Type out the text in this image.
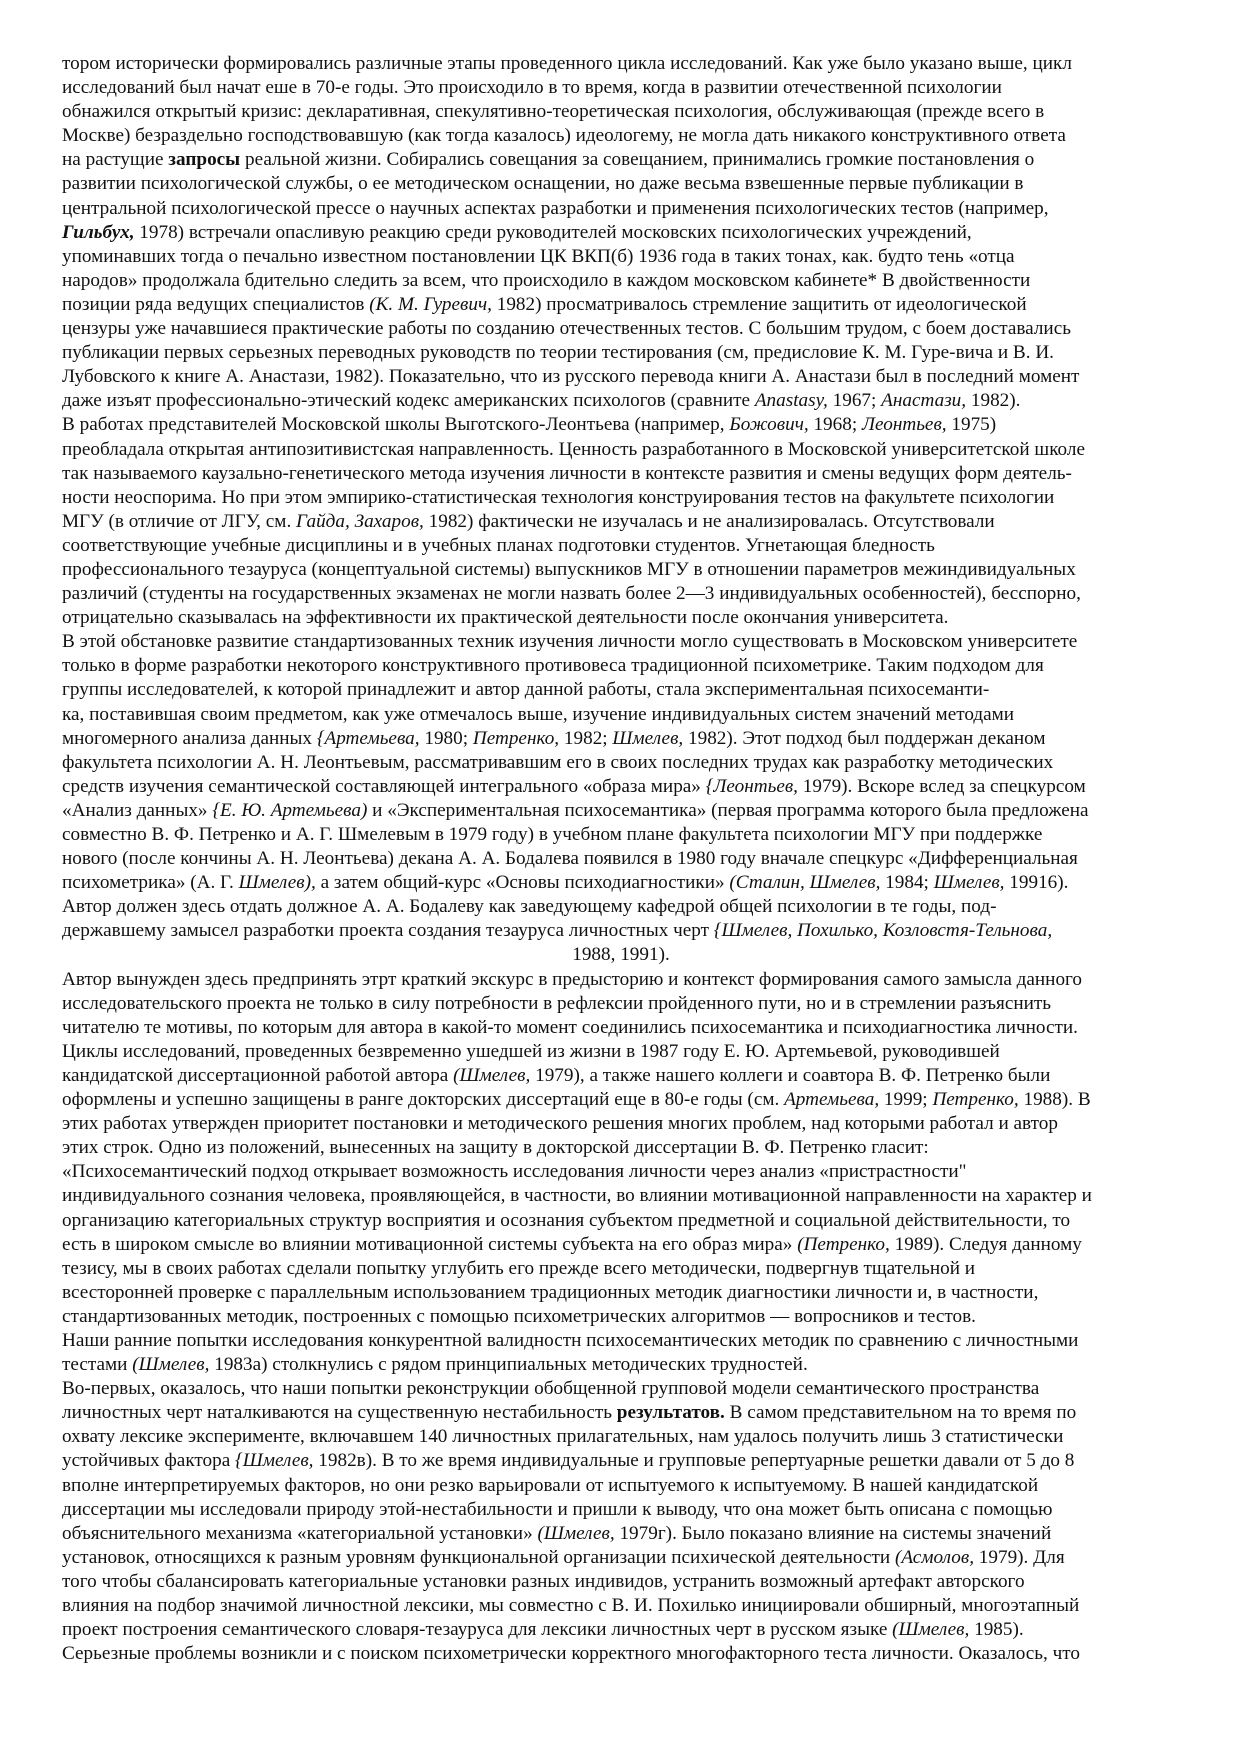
тором исторически формировались различные этапы проведенного цикла исследований. Как уже было указано выше, цикл
исследований был начат еше в 70-е годы. Это происходило в то время, когда в развитии отечественной психологии
обнажился открытый кризис: декларативная, спекулятивно-теоретическая психология, обслуживающая (прежде всего в
Москве) безраздельно господствовавшую (как тогда казалось) идеологему, не могла дать никакого конструктивного ответа
на растущие запросы реальной жизни. Собирались совещания за совещанием, принимались громкие постановления о
развитии психологической службы, о ее методическом оснащении, но даже весьма взвешенные первые публикации в
центральной психологической прессе о научных аспектах разработки и применения психологических тестов (например,
Гильбух, 1978) встречали опасливую реакцию среди руководителей московских психологических учреждений,
упоминавших тогда о печально известном постановлении ЦК ВКП(б) 1936 года в таких тонах, как. будто тень «отца
народов» продолжала бдительно следить за всем, что происходило в каждом московском кабинете* В двойственности
позиции ряда ведущих специалистов (К. М. Гуревич, 1982) просматривалось стремление защитить от идеологической
цензуры уже начавшиеся практические работы по созданию отечественных тестов. С большим трудом, с боем доставались
публикации первых серьезных переводных руководств по теории тестирования (см, предисловие К. М. Гуре-вича и В. И.
Лубовского к книге А. Анастази, 1982). Показательно, что из русского перевода книги А. Анастази был в последний момент
даже изъят профессионально-этический кодекс американских психологов (сравните Anastasy, 1967; Анастази, 1982).

В работах представителей Московской школы Выготского-Леонтьева (например, Божович, 1968; Леонтьев, 1975)
преобладала открытая антипозитивистская направленность. Ценность разработанного в Московской университетской школе
так называемого каузально-генетического метода изучения личности в контексте развития и смены ведущих форм деятель-
ности неоспорима. Но при этом эмпирико-статистическая технология конструирования тестов на факультете психологии
МГУ (в отличие от ЛГУ, см. Гайда, Захаров, 1982) фактически не изучалась и не анализировалась. Отсутствовали
соответствующие учебные дисциплины и в учебных планах подготовки студентов. Угнетающая бледность
профессионального тезауруса (концептуальной системы) выпускников МГУ в отношении параметров межиндивидуальных
различий (студенты на государственных экзаменах не могли назвать более 2—3 индивидуальных особенностей), бесспорно,
отрицательно сказывалась на эффективности их практической деятельности после окончания университета.

В этой обстановке развитие стандартизованных техник изучения личности могло существовать в Московском университете
только в форме разработки некоторого конструктивного противовеса традиционной психометрике. Таким подходом для
группы исследователей, к которой принадлежит и автор данной работы, стала экспериментальная психосеманти-
ка, поставившая своим предметом, как уже отмечалось выше, изучение индивидуальных систем значений методами
многомерного анализа данных {Артемьева, 1980; Петренко, 1982; Шмелев, 1982). Этот подход был поддержан деканом
факультета психологии А. Н. Леонтьевым, рассматривавшим его в своих последних трудах как разработку методических
средств изучения семантической составляющей интегрального «образа мира» {Леонтьев, 1979). Вскоре вслед за спецкурсом
«Анализ данных» {Е. Ю. Артемьева) и «Экспериментальная психосемантика» (первая программа которого была предложена
совместно В. Ф. Петренко и А. Г. Шмелевым в 1979 году) в учебном плане факультета психологии МГУ при поддержке
нового (после кончины А. Н. Леонтьева) декана А. А. Бодалева появился в 1980 году вначале спецкурс «Дифференциальная
психометрика» (А. Г. Шмелев), а затем общий-курс «Основы психодиагностики» (Сталин, Шмелев, 1984; Шмелев, 19916).
Автор должен здесь отдать должное А. А. Бодалеву как заведующему кафедрой общей психологии в те годы, под-
державшему замысел разработки проекта создания тезауруса личностных черт {Шмелев, Похилько, Козловстя-Тельнова,

1988, 1991).

Автор вынужден здесь предпринять этрт краткий экскурс в предысторию и контекст формирования самого замысла данного
исследовательского проекта не только в силу потребности в рефлексии пройденного пути, но и в стремлении разъяснить
читателю те мотивы, по которым для автора в какой-то момент соединились психосемантика и психодиагностика личности.

Циклы исследований, проведенных безвременно ушедшей из жизни в 1987 году Е. Ю. Артемьевой, руководившей
кандидатской диссертационной работой автора (Шмелев, 1979), а также нашего коллеги и соавтора В. Ф. Петренко были
оформлены и успешно защищены в ранге докторских диссертаций еще в 80-е годы (см. Артемьева, 1999; Петренко, 1988). В
этих работах утвержден приоритет постановки и методического решения многих проблем, над которыми работал и автор
этих строк. Одно из положений, вынесенных на защиту в докторской диссертации В. Ф. Петренко гласит:
«Психосемантический подход открывает возможность исследования личности через анализ «пристрастности"
индивидуального сознания человека, проявляющейся, в частности, во влиянии мотивационной направленности на характер и
организацию категориальных структур восприятия и осознания субъектом предметной и социальной действительности, то
есть в широком смысле во влиянии мотивационной системы субъекта на его образ мира» (Петренко, 1989). Следуя данному
тезису, мы в своих работах сделали попытку углубить его прежде всего методически, подвергнув тщательной и
всесторонней проверке с параллельным использованием традиционных методик диагностики личности и, в частности,
стандартизованных методик, построенных с помощью психометрических алгоритмов — вопросников и тестов.

Наши ранние попытки исследования конкурентной валидностн психосемантических методик по сравнению с личностными
тестами (Шмелев, 1983а) столкнулись с рядом принципиальных методических трудностей.

Во-первых, оказалось, что наши попытки реконструкции обобщенной групповой модели семантического пространства
личностных черт наталкиваются на существенную нестабильность результатов. В самом представительном на то время по
охвату лексике эксперименте, включавшем 140 личностных прилагательных, нам удалось получить лишь 3 статистически
устойчивых фактора {Шмелев, 1982в). В то же время индивидуальные и групповые репертуарные решетки давали от 5 до 8
вполне интерпретируемых факторов, но они резко варьировали от испытуемого к испытуемому. В нашей кандидатской
диссертации мы исследовали природу этой-нестабильности и пришли к выводу, что она может быть описана с помощью
объяснительного механизма «категориальной установки» (Шмелев, 1979г). Было показано влияние на системы значений
установок, относящихся к разным уровням функциональной организации психической деятельности (Асмолов, 1979). Для
того чтобы сбалансировать категориальные установки разных индивидов, устранить возможный артефакт авторского
влияния на подбор значимой личностной лексики, мы совместно с В. И. Похилько инициировали обширный, многоэтапный
проект построения семантического словаря-тезауруса для лексики личностных черт в русском языке (Шмелев, 1985).

Серьезные проблемы возникли и с поиском психометрически корректного многофакторного теста личности. Оказалось, что
